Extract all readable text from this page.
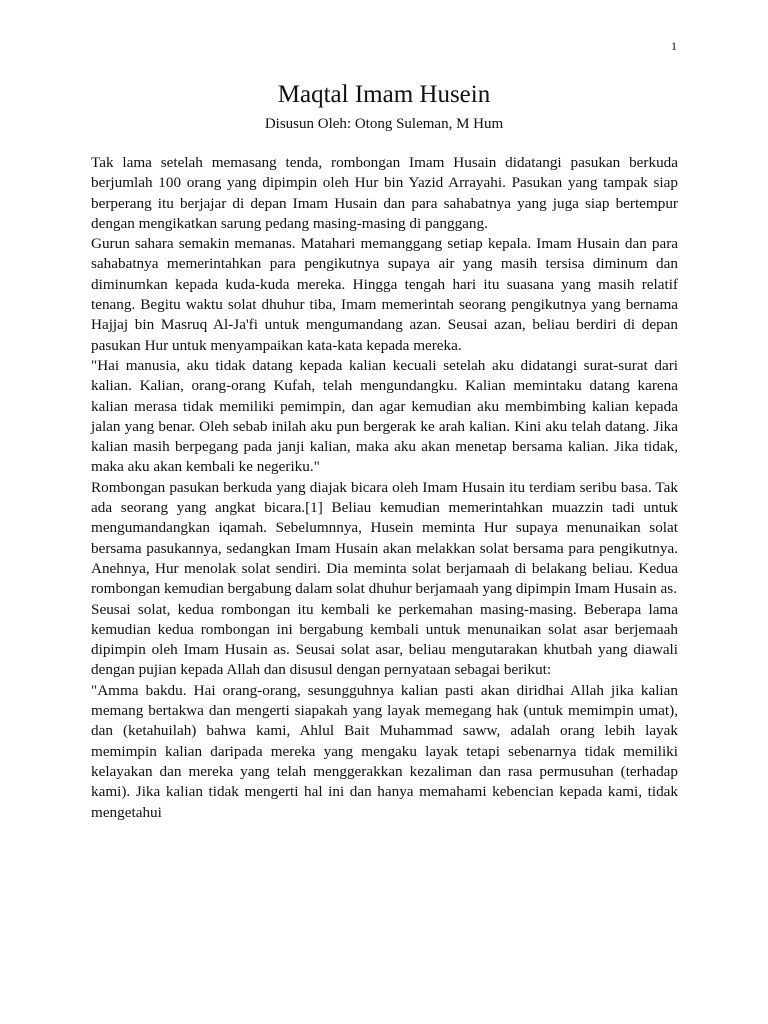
1
Maqtal Imam Husein
Disusun Oleh: Otong Suleman, M Hum

Tak lama setelah memasang tenda, rombongan Imam Husain didatangi pasukan berkuda berjumlah 100 orang yang dipimpin oleh Hur bin Yazid Arrayahi. Pasukan yang tampak siap berperang itu berjajar di depan Imam Husain dan para sahabatnya yang juga siap bertempur dengan mengikatkan sarung pedang masing-masing di panggang.

Gurun sahara semakin memanas. Matahari memanggang setiap kepala. Imam Husain dan para sahabatnya memerintahkan para pengikutnya supaya air yang masih tersisa diminum dan diminumkan kepada kuda-kuda mereka. Hingga tengah hari itu suasana yang masih relatif tenang. Begitu waktu solat dhuhur tiba, Imam memerintah seorang pengikutnya yang bernama Hajjaj bin Masruq Al-Ja'fi untuk mengumandang azan. Seusai azan, beliau berdiri di depan pasukan Hur untuk menyampaikan kata-kata kepada mereka.

"Hai manusia, aku tidak datang kepada kalian kecuali setelah aku didatangi surat-surat dari kalian. Kalian, orang-orang Kufah, telah mengundangku. Kalian memintaku datang karena kalian merasa tidak memiliki pemimpin, dan agar kemudian aku membimbing kalian kepada jalan yang benar. Oleh sebab inilah aku pun bergerak ke arah kalian. Kini aku telah datang. Jika kalian masih berpegang pada janji kalian, maka aku akan menetap bersama kalian. Jika tidak, maka aku akan kembali ke negeriku."

Rombongan pasukan berkuda yang diajak bicara oleh Imam Husain itu terdiam seribu basa. Tak ada seorang yang angkat bicara.[1] Beliau kemudian memerintahkan muazzin tadi untuk mengumandangkan iqamah. Sebelumnnya, Husein meminta Hur supaya menunaikan solat bersama pasukannya, sedangkan Imam Husain akan melakkan solat bersama para pengikutnya. Anehnya, Hur menolak solat sendiri. Dia meminta solat berjamaah di belakang beliau. Kedua rombongan kemudian bergabung dalam solat dhuhur berjamaah yang dipimpin Imam Husain as.

Seusai solat, kedua rombongan itu kembali ke perkemahan masing-masing. Beberapa lama kemudian kedua rombongan ini bergabung kembali untuk menunaikan solat asar berjemaah dipimpin oleh Imam Husain as. Seusai solat asar, beliau mengutarakan khutbah yang diawali dengan pujian kepada Allah dan disusul dengan pernyataan sebagai berikut:

"Amma bakdu. Hai orang-orang, sesungguhnya kalian pasti akan diridhai Allah jika kalian memang bertakwa dan mengerti siapakah yang layak memegang hak (untuk memimpin umat), dan (ketahuilah) bahwa kami, Ahlul Bait Muhammad saww, adalah orang lebih layak memimpin kalian daripada mereka yang mengaku layak tetapi sebenarnya tidak memiliki kelayakan dan mereka yang telah menggerakkan kezaliman dan rasa permusuhan (terhadap kami). Jika kalian tidak mengerti hal ini dan hanya memahami kebencian kepada kami, tidak mengetahui
